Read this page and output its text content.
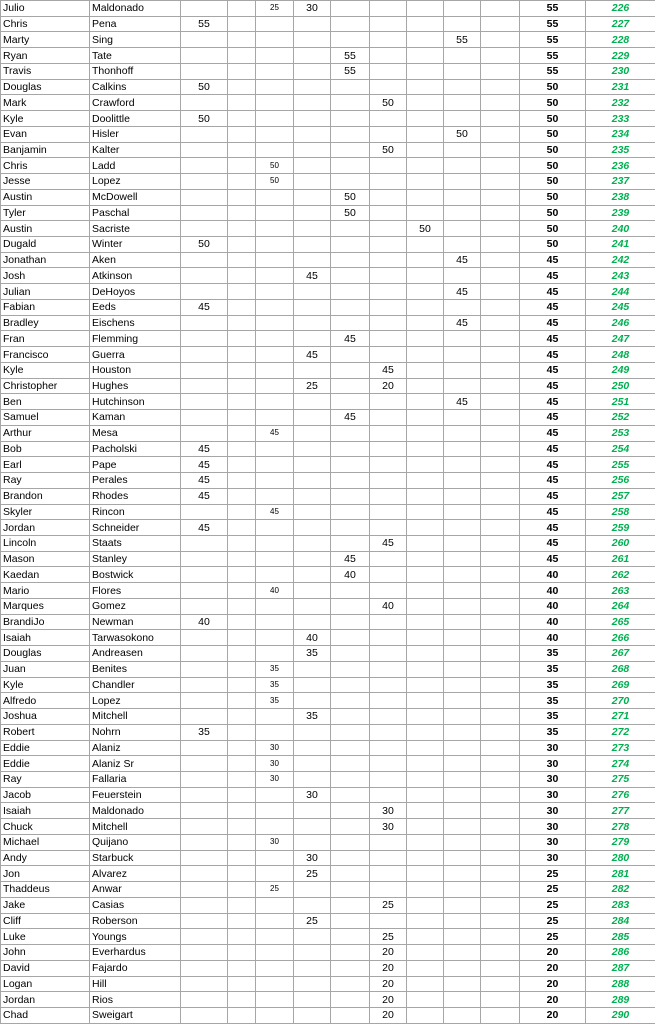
Julio	Maldonado			25	30						55	226
Chris	Pena	55									55	227
Marty	Sing								55		55	228
Ryan	Tate					55					55	229
Travis	Thonhoff					55					55	230
Douglas	Calkins	50									50	231
Mark	Crawford						50				50	232
Kyle	Doolittle	50									50	233
Evan	Hisler								50		50	234
Banjamin	Kalter						50				50	235
Chris	Ladd			50							50	236
Jesse	Lopez			50							50	237
Austin	McDowell					50					50	238
Tyler	Paschal					50					50	239
Austin	Sacriste							50			50	240
Dugald	Winter	50									50	241
Jonathan	Aken								45		45	242
Josh	Atkinson				45						45	243
Julian	DeHoyos								45		45	244
Fabian	Eeds	45									45	245
Bradley	Eischens								45		45	246
Fran	Flemming					45					45	247
Francisco	Guerra				45						45	248
Kyle	Houston						45				45	249
Christopher	Hughes				25		20				45	250
Ben	Hutchinson								45		45	251
Samuel	Kaman					45					45	252
Arthur	Mesa			45							45	253
Bob	Pacholski	45									45	254
Earl	Pape	45									45	255
Ray	Perales	45									45	256
Brandon	Rhodes	45									45	257
Skyler	Rincon			45							45	258
Jordan	Schneider	45									45	259
Lincoln	Staats						45				45	260
Mason	Stanley					45					45	261
Kaedan	Bostwick					40					40	262
Mario	Flores			40							40	263
Marques	Gomez						40				40	264
BrandiJo	Newman	40									40	265
Isaiah	Tarwasokono				40						40	266
Douglas	Andreasen				35						35	267
Juan	Benites			35							35	268
Kyle	Chandler			35							35	269
Alfredo	Lopez			35							35	270
Joshua	Mitchell				35						35	271
Robert	Nohrn	35									35	272
Eddie	Alaniz			30							30	273
Eddie	Alaniz Sr			30							30	274
Ray	Fallaria			30							30	275
Jacob	Feuerstein				30						30	276
Isaiah	Maldonado						30				30	277
Chuck	Mitchell						30				30	278
Michael	Quijano			30							30	279
Andy	Starbuck				30						30	280
Jon	Alvarez				25						25	281
Thaddeus	Anwar			25							25	282
Jake	Casias						25				25	283
Cliff	Roberson				25						25	284
Luke	Youngs						25				25	285
John	Everhardus						20				20	286
David	Fajardo						20				20	287
Logan	Hill						20				20	288
Jordan	Rios						20				20	289
Chad	Sweigart						20				20	290
